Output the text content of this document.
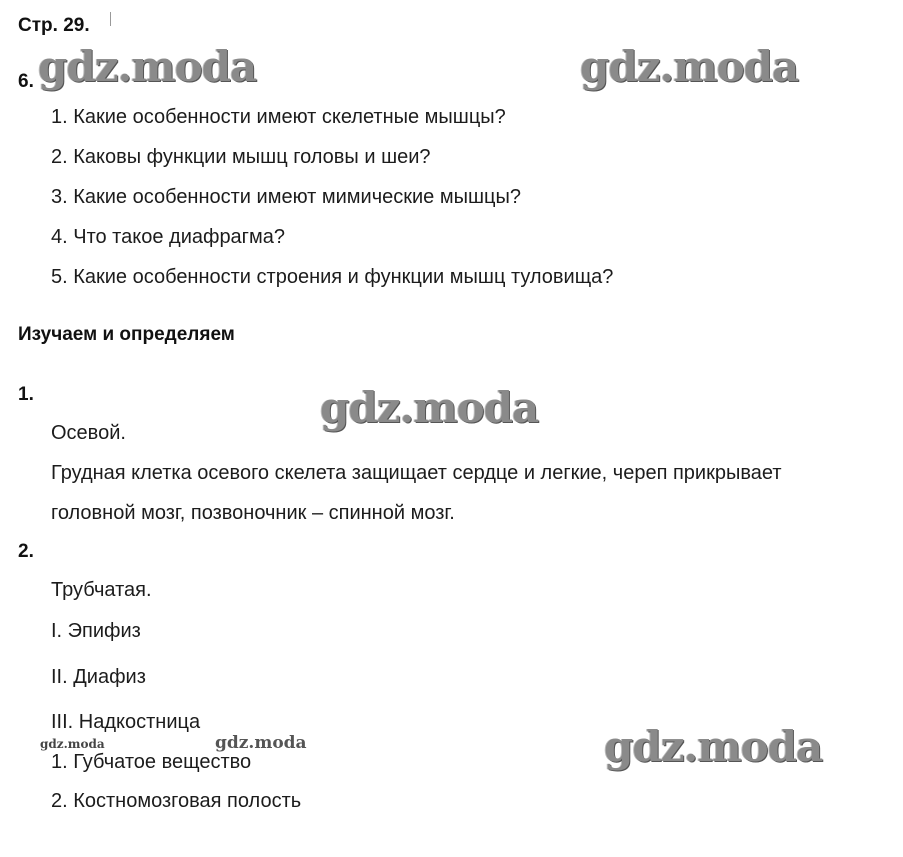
Стр. 29.
6. gdz.moda	gdz.moda
gdz.moda
gdz.moda
gdz.moda	gdz.moda
1. Какие особенности имеют скелетные мышцы?
2. Каковы функции мышц головы и шеи?
3. Какие особенности имеют мимические мышцы?
4. Что такое диафрагма?
5. Какие особенности строения и функции мышц туловища?
Изучаем и определяем
1.
Осевой.
Грудная клетка осевого скелета защищает сердце и легкие, череп прикрывает
головной мозг, позвоночник – спинной мозг.
2.
Трубчатая.
I. Эпифиз
II. Диафиз
III. Надкостница
1. Губчатое вещество
2. Костномозговая полость
